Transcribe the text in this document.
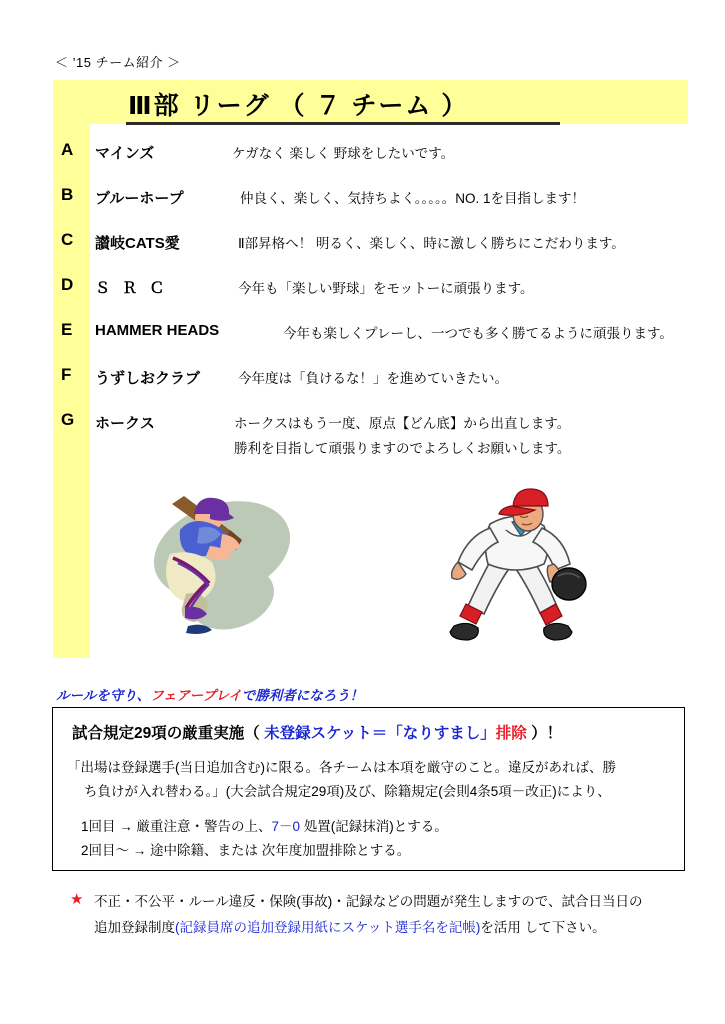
＜ ’15 チーム紹介 ＞
Ⅲ部 リーグ （ ７ チーム ）
A	マインズ	ケガなく 楽しく 野球をしたいです。
B	ブルーホープ	仲良く、楽しく、気持ちよく。。。。。NO. 1を目指します！
C	讃岐CATS愛	Ⅱ部昇格へ！ 明るく、楽しく、時に激しく勝ちにこだわります。
D	Ｓ Ｒ Ｃ	今年も「楽しい野球」をモットーに頑張ります。
E	HAMMER HEADS	今年も楽しくプレーし、一つでも多く勝てるように頑張ります。
F	うずしおクラブ	今年度は「負けるな！」を進めていきたい。
G	ホークス	ホークスはもう一度、原点【どん底】から出直します。
勝利を目指して頑張りますのでよろしくお願いします。
ルールを守り、フェアープレイで勝利者になろう！
試合規定29項の厳重実施（ 未登録スケット＝「なりすまし」排除 ）！
「出場は登録選手(当日追加含む)に限る。各チームは本項を厳守のこと。違反があれば、勝
ち負けが入れ替わる。」(大会試合規定29項)及び、除籍規定(会則4条5項－改正)により、
1回目 → 厳重注意・警告の上、7－0 処置(記録抹消)とする。
2回目～ → 途中除籍、または 次年度加盟排除とする。
★ 不正・不公平・ルール違反・保険(事故)・記録などの問題が発生しますので、試合日当日の
追加登録制度(記録員席の追加登録用紙にスケット選手名を記帳)を活用 して下さい。
